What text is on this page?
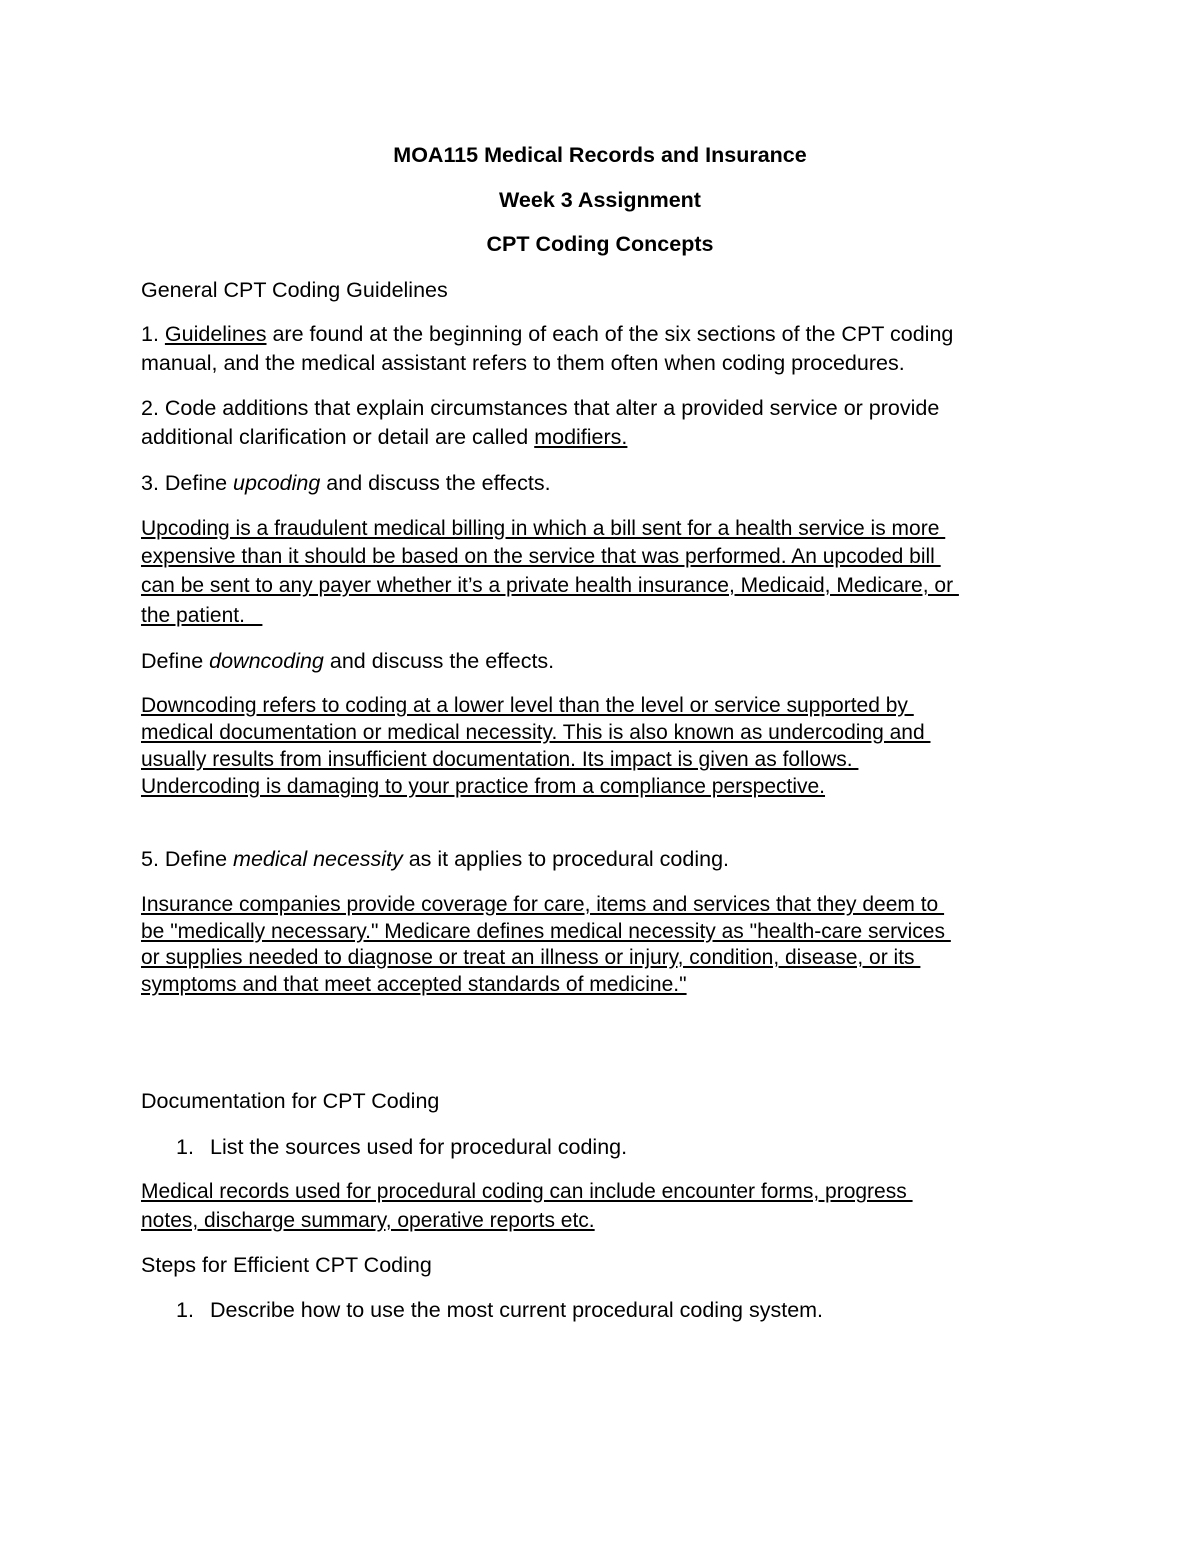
MOA115 Medical Records and Insurance
Week 3 Assignment
CPT Coding Concepts
General CPT Coding Guidelines
1. Guidelines are found at the beginning of each of the six sections of the CPT coding
manual, and the medical assistant refers to them often when coding procedures.
2. Code additions that explain circumstances that alter a provided service or provide
additional clarification or detail are called modifiers.
3. Define upcoding and discuss the effects.
Upcoding is a fraudulent medical billing in which a bill sent for a health service is more
expensive than it should be based on the service that was performed. An upcoded bill
can be sent to any payer whether it’s a private health insurance, Medicaid, Medicare, or
the patient.
Define downcoding and discuss the effects.
Downcoding refers to coding at a lower level than the level or service supported by
medical documentation or medical necessity. This is also known as undercoding and
usually results from insufficient documentation. Its impact is given as follows.
Undercoding is damaging to your practice from a compliance perspective.
5. Define medical necessity as it applies to procedural coding.
Insurance companies provide coverage for care, items and services that they deem to
be "medically necessary." Medicare defines medical necessity as "health-care services
or supplies needed to diagnose or treat an illness or injury, condition, disease, or its
symptoms and that meet accepted standards of medicine."
Documentation for CPT Coding
1. List the sources used for procedural coding.
Medical records used for procedural coding can include encounter forms, progress
notes, discharge summary, operative reports etc.
Steps for Efficient CPT Coding
1. Describe how to use the most current procedural coding system.
